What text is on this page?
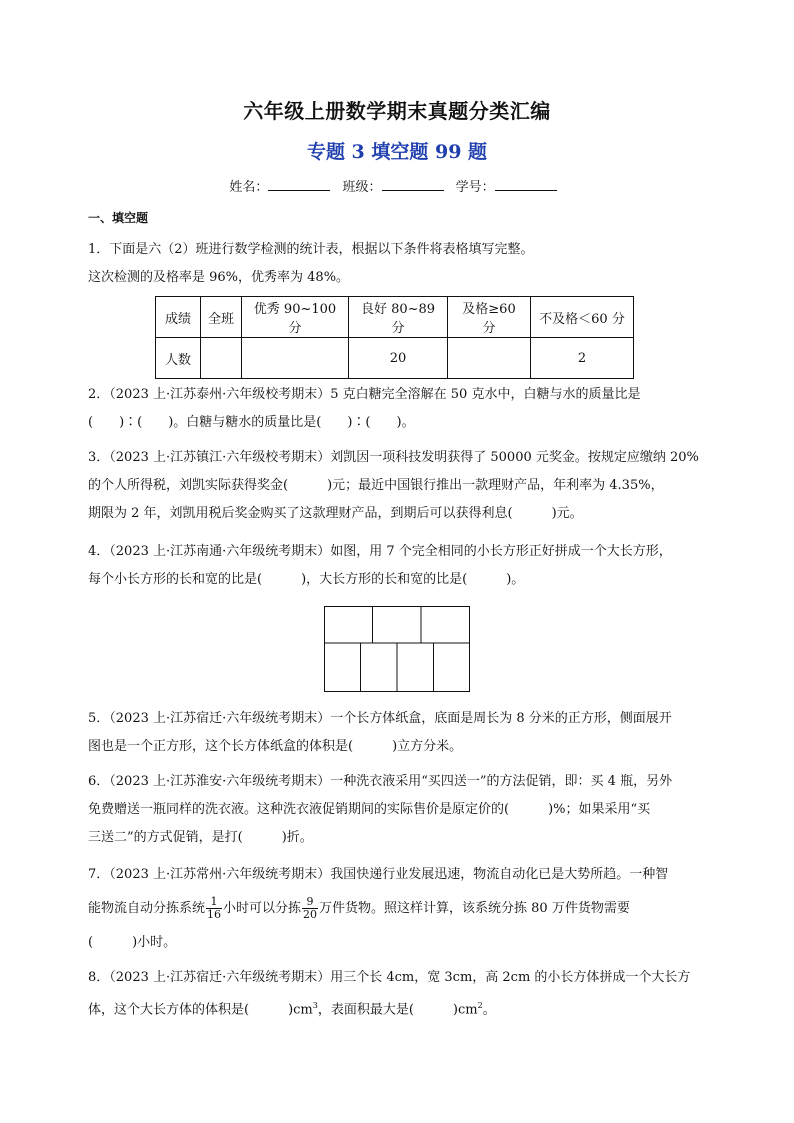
六年级上册数学期末真题分类汇编
专题 3 填空题 99 题
姓名：	班级：	学号：
一、填空题
1．下面是六（2）班进行数学检测的统计表，根据以下条件将表格填写完整。
这次检测的及格率是 96%，优秀率为 48%。
成绩	全班	优秀 90~100 分	良好 80~89 分	及格≥60 分	不及格＜60 分
人数			20		2
2．（2023 上·江苏泰州·六年级校考期末）5 克白糖完全溶解在 50 克水中，白糖与水的质量比是
(　　)∶(　　)。白糖与糖水的质量比是(　　)∶(　　)。
3．（2023 上·江苏镇江·六年级校考期末）刘凯因一项科技发明获得了 50000 元奖金。按规定应缴纳 20%
的个人所得税，刘凯实际获得奖金(　　　)元；最近中国银行推出一款理财产品，年利率为 4.35%，
期限为 2 年，刘凯用税后奖金购买了这款理财产品，到期后可以获得利息(　　　)元。
4．（2023 上·江苏南通·六年级统考期末）如图，用 7 个完全相同的小长方形正好拼成一个大长方形，
每个小长方形的长和宽的比是(　　　)，大长方形的长和宽的比是(　　　)。
5．（2023 上·江苏宿迁·六年级统考期末）一个长方体纸盒，底面是周长为 8 分米的正方形，侧面展开
图也是一个正方形，这个长方体纸盒的体积是(　　　)立方分米。
6．（2023 上·江苏淮安·六年级统考期末）一种洗衣液采用“买四送一”的方法促销，即：买 4 瓶，另外
免费赠送一瓶同样的洗衣液。这种洗衣液促销期间的实际售价是原定价的(　　　)%；如果采用“买
三送二”的方式促销，是打(　　　)折。
7．（2023 上·江苏常州·六年级统考期末）我国快递行业发展迅速，物流自动化已是大势所趋。一种智
能物流自动分拣系统 $\frac{1}{16}$ 小时可以分拣 $\frac{9}{20}$ 万件货物。照这样计算，该系统分拣 80 万件货物需要
(　　　)小时。
8．（2023 上·江苏宿迁·六年级统考期末）用三个长 4cm，宽 3cm，高 2cm 的小长方体拼成一个大长方
体，这个大长方体的体积是(　　　)$cm^3$，表面积最大是(　　　)$cm^2$。
